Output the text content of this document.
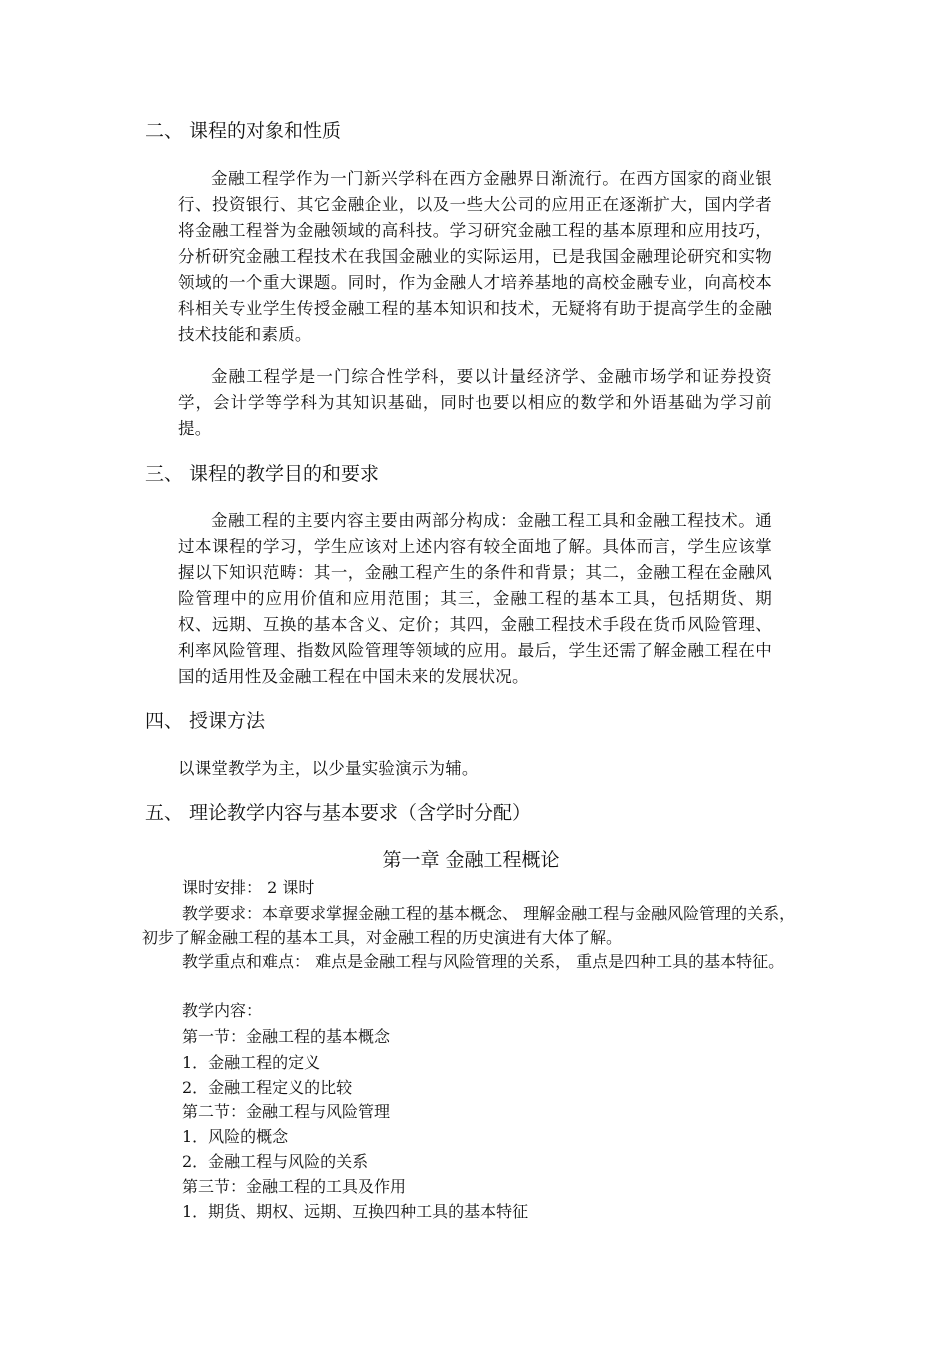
二、 课程的对象和性质

金融工程学作为一门新兴学科在西方金融界日渐流行。在西方国家的商业银行、投资银行、其它金融企业，以及一些大公司的应用正在逐渐扩大，国内学者将金融工程誉为金融领域的高科技。学习研究金融工程的基本原理和应用技巧，分析研究金融工程技术在我国金融业的实际运用，已是我国金融理论研究和实物领域的一个重大课题。同时，作为金融人才培养基地的高校金融专业，向高校本科相关专业学生传授金融工程的基本知识和技术，无疑将有助于提高学生的金融技术技能和素质。

金融工程学是一门综合性学科，要以计量经济学、金融市场学和证券投资学，会计学等学科为其知识基础，同时也要以相应的数学和外语基础为学习前提。

三、 课程的教学目的和要求

金融工程的主要内容主要由两部分构成：金融工程工具和金融工程技术。通过本课程的学习，学生应该对上述内容有较全面地了解。具体而言，学生应该掌握以下知识范畴：其一，金融工程产生的条件和背景；其二，金融工程在金融风险管理中的应用价值和应用范围；其三，金融工程的基本工具，包括期货、期权、远期、互换的基本含义、定价；其四，金融工程技术手段在货币风险管理、利率风险管理、指数风险管理等领域的应用。最后，学生还需了解金融工程在中国的适用性及金融工程在中国未来的发展状况。

四、 授课方法

以课堂教学为主，以少量实验演示为辅。

五、 理论教学内容与基本要求（含学时分配）
第一章 金融工程概论

课时安排： 2 课时

教学要求：本章要求掌握金融工程的基本概念、 理解金融工程与金融风险管理的关系，初步了解金融工程的基本工具，对金融工程的历史演进有大体了解。

教学重点和难点： 难点是金融工程与风险管理的关系， 重点是四种工具的基本特征。

教学内容：

第一节：金融工程的基本概念

1．金融工程的定义

2．金融工程定义的比较

第二节：金融工程与风险管理

1．风险的概念

2．金融工程与风险的关系

第三节：金融工程的工具及作用

1．期货、期权、远期、互换四种工具的基本特征
